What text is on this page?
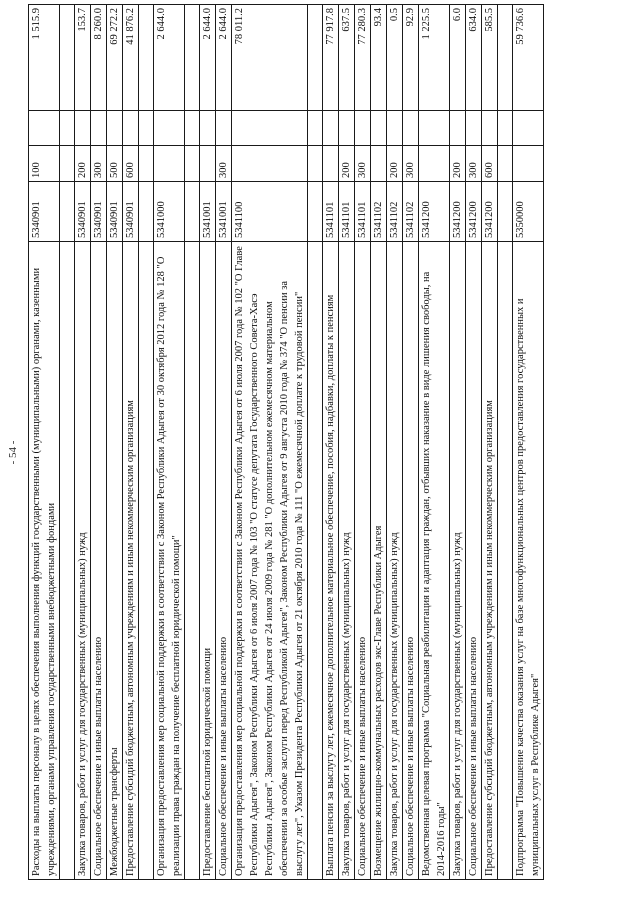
- 54 - Расходы на выплаты персоналу в целях обеспечения выполнения функций государственными (муниципальными) органами, казенными учреждениями, органами управления государственными внебюджетными фондами	5340901	100		1 515.9

Закупка товаров, работ и услуг для государственных (муниципальных) нужд	5340901	200		153.7
Социальное обеспечение и иные выплаты населению	5340901	300		8 260.0
Межбюджетные трансферты	5340901	500		69 272.2
Предоставление субсидий бюджетным, автономным учреждениям и иным некоммерческим организациям	5340901	600		41 876.2

Организация предоставления мер социальной поддержки в соответствии с Законом Республики Адыгея от 30 октября 2012 года № 128 "О реализации права граждан на получение бесплатной юридической помощи"	5341000			2 644.0

Предоставление бесплатной юридической помощи	5341001			2 644.0
Социальное обеспечение и иные выплаты населению	5341001	300		2 644.0
Организация предоставления мер социальной поддержки в соответствии с Законом Республики Адыгея от 6 июля 2007 года № 102 "О Главе Республики Адыгея", Законом Республики Адыгея от 6 июля 2007 года № 103 "О статусе депутата Государственного Совета-Хасэ Республики Адыгея", Законом Республики Адыгея от 24 июля 2009 года № 281 "О дополнительном ежемесячном материальном обеспечении за особые заслуги перед Республикой Адыгея", Законом Республики Адыгея от 9 августа 2010 года № 374 "О пенсии за выслугу лет", Указом Президента Республики Адыгея от 21 октября 2010 года № 111 "О ежемесячной доплате к трудовой пенсии"	5341100			78 011.2

Выплата пенсии за выслугу лет, ежемесячное дополнительное материальное обеспечение, пособия, надбавки, доплаты к пенсиям	5341101			77 917.8
Закупка товаров, работ и услуг для государственных (муниципальных) нужд	5341101	200		637.5
Социальное обеспечение и иные выплаты населению	5341101	300		77 280.3
Возмещение жилищно-коммунальных расходов экс-Главе Республики Адыгея	5341102			93.4
Закупка товаров, работ и услуг для государственных (муниципальных) нужд	5341102	200		0.5
Социальное обеспечение и иные выплаты населению	5341102	300		92.9
Ведомственная целевая программа "Социальная реабилитация и адаптация граждан, отбывших наказание в виде лишения свободы, на 2014-2016 годы"	5341200			1 225.5
Закупка товаров, работ и услуг для государственных (муниципальных) нужд	5341200	200		6.0
Социальное обеспечение и иные выплаты населению	5341200	300		634.0
Предоставление субсидий бюджетным, автономным учреждениям и иным некоммерческим организациям	5341200	600		585.5

Подпрограмма "Повышение качества оказания услуг на базе многофункциональных центров предоставления государственных и муниципальных услуг в Республике Адыгея"	5350000			59 736.6
